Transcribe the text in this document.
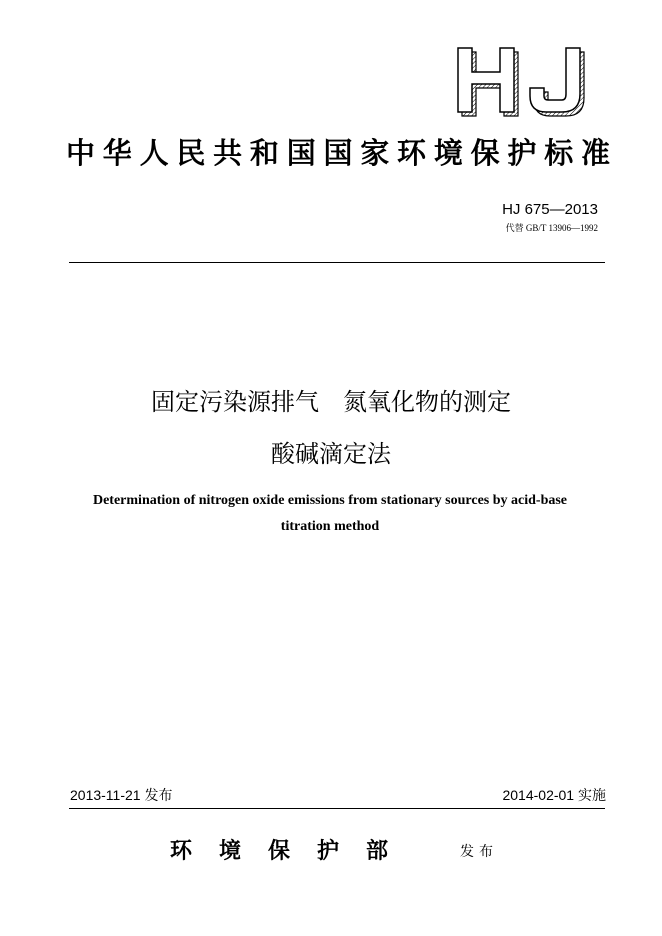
中华人民共和国国家环境保护标准
HJ 675—2013
代替 GB/T 13906—1992
固定污染源排气　氮氧化物的测定
酸碱滴定法
Determination of nitrogen oxide emissions from stationary sources by acid-base titration method
2013-11-21 发布	2014-02-01 实施
环境保护部	发布
